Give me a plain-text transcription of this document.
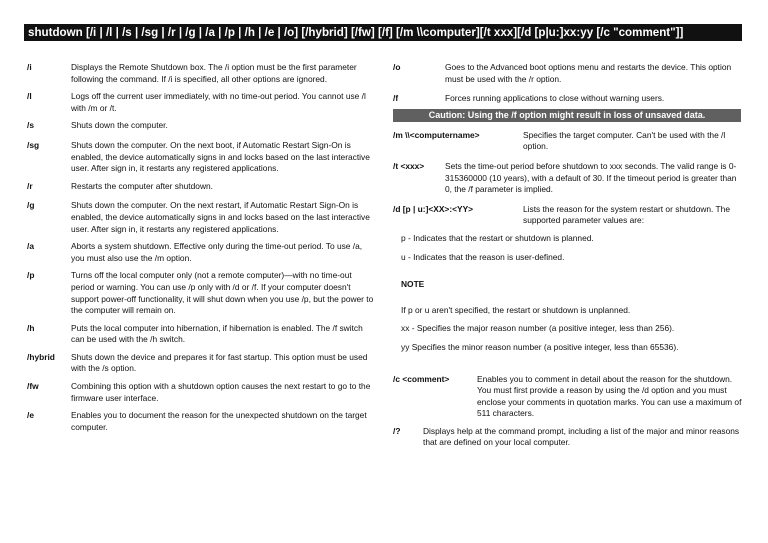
shutdown [/i | /l | /s | /sg | /r | /g | /a | /p | /h | /e | /o] [/hybrid] [/fw] [/f] [/m \\computer][/t xxx][/d [p|u:]xx:yy [/c "comment"]]
/i	Displays the Remote Shutdown box. The /i option must be the first parameter following the command. If /i is specified, all other options are ignored.
/l	Logs off the current user immediately, with no time-out period. You cannot use /l with /m or /t.
/s	Shuts down the computer.
/sg	Shuts down the computer. On the next boot, if Automatic Restart Sign-On is enabled, the device automatically signs in and locks based on the last interactive user. After sign in, it restarts any registered applications.
/r	Restarts the computer after shutdown.
/g	Shuts down the computer. On the next restart, if Automatic Restart Sign-On is enabled, the device automatically signs in and locks based on the last interactive user. After sign in, it restarts any registered applications.
/a	Aborts a system shutdown. Effective only during the time-out period. To use /a, you must also use the /m option.
/p	Turns off the local computer only (not a remote computer)—with no time-out period or warning. You can use /p only with /d or /f. If your computer doesn't support power-off functionality, it will shut down when you use /p, but the power to the computer will remain on.
/h	Puts the local computer into hibernation, if hibernation is enabled. The /f switch can be used with the /h switch.
/hybrid	Shuts down the device and prepares it for fast startup. This option must be used with the /s option.
/fw	Combining this option with a shutdown option causes the next restart to go to the firmware user interface.
/e	Enables you to document the reason for the unexpected shutdown on the target computer.
/o	Goes to the Advanced boot options menu and restarts the device. This option must be used with the /r option.
/f	Forces running applications to close without warning users.
Caution: Using the /f option might result in loss of unsaved data.
/m \\<computername>	Specifies the target computer. Can't be used with the /l option.
/t <xxx>	Sets the time-out period before shutdown to xxx seconds. The valid range is 0-315360000 (10 years), with a default of 30. If the timeout period is greater than 0, the /f parameter is implied.
/d [p | u:]<XX>:<YY>	Lists the reason for the system restart or shutdown. The supported parameter values are:
p - Indicates that the restart or shutdown is planned.
u - Indicates that the reason is user-defined.
NOTE
If p or u aren't specified, the restart or shutdown is unplanned.
xx - Specifies the major reason number (a positive integer, less than 256).
yy Specifies the minor reason number (a positive integer, less than 65536).
/c <comment>	Enables you to comment in detail about the reason for the shutdown. You must first provide a reason by using the /d option and you must enclose your comments in quotation marks. You can use a maximum of 511 characters.
/?	Displays help at the command prompt, including a list of the major and minor reasons that are defined on your local computer.
